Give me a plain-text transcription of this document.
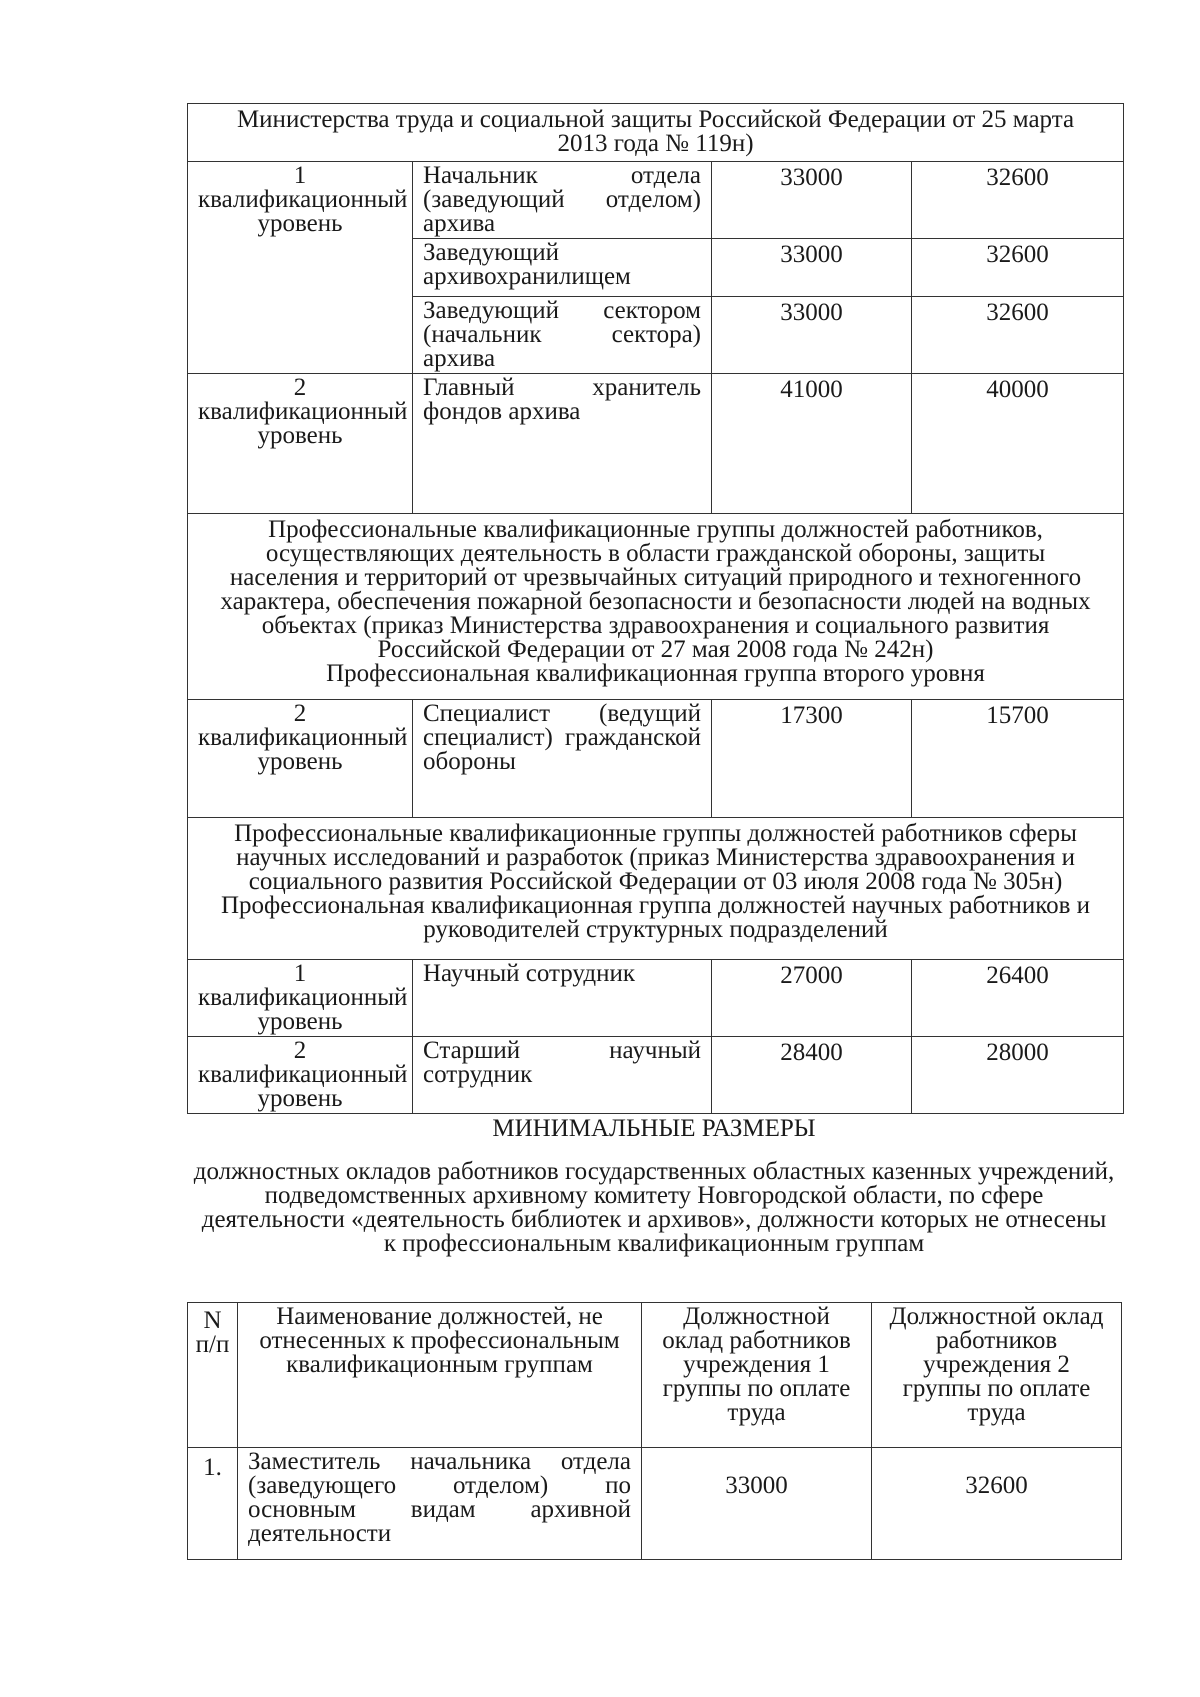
Министерства труда и социальной защиты Российской Федерации от 25 марта 2013 года № 119н)			
1 квалификационный уровень	Начальник отдела (заведующий отделом) архива	33000	32600
	Заведующий архивохранилищем	33000	32600
	Заведующий сектором (начальник сектора) архива	33000	32600
2 квалификационный уровень	Главный хранитель фондов архива	41000	40000
Профессиональные квалификационные группы должностей работников, осуществляющих деятельность в области гражданской обороны, защиты населения и территорий от чрезвычайных ситуаций природного и техногенного характера, обеспечения пожарной безопасности и безопасности людей на водных объектах (приказ Министерства здравоохранения и социального развития Российской Федерации от 27 мая 2008 года № 242н)
Профессиональная квалификационная группа второго уровня			
2 квалификационный уровень	Специалист (ведущий специалист) гражданской обороны	17300	15700
Профессиональные квалификационные группы должностей работников сферы научных исследований и разработок (приказ Министерства здравоохранения и социального развития Российской Федерации от 03 июля 2008 года № 305н)
Профессиональная квалификационная группа должностей научных работников и руководителей структурных подразделений			
1 квалификационный уровень	Научный сотрудник	27000	26400
2 квалификационный уровень	Старший научный сотрудник	28400	28000
МИНИМАЛЬНЫЕ РАЗМЕРЫ
должностных окладов работников государственных областных казенных учреждений, подведомственных архивному комитету Новгородской области, по сфере деятельности «деятельность библиотек и архивов», должности которых не отнесены к профессиональным квалификационным группам
N п/п	Наименование должностей, не отнесенных к профессиональным квалификационным группам	Должностной оклад работников учреждения 1 группы по оплате труда	Должностной оклад работников учреждения 2 группы по оплате труда
1.	Заместитель начальника отдела (заведующего отделом) по основным видам архивной деятельности	33000	32600
